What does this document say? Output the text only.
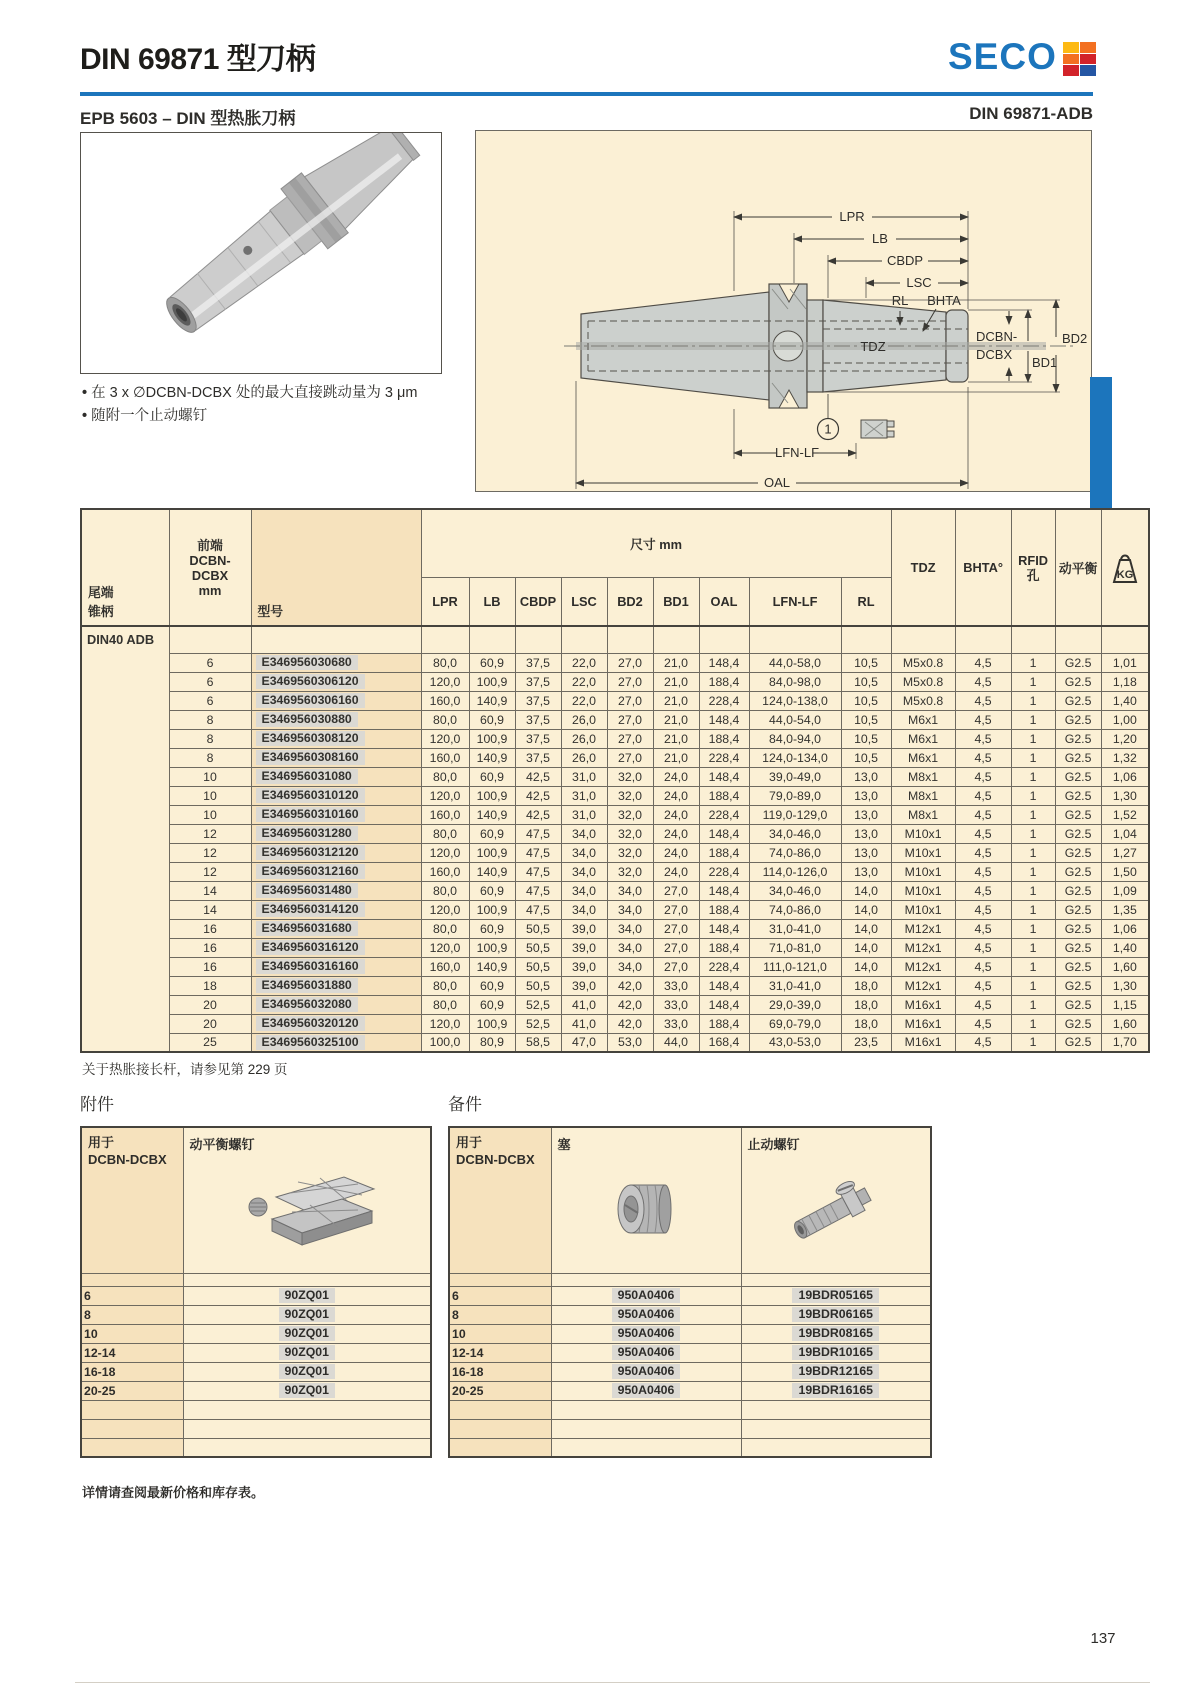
DIN 69871 型刀柄	SECO
EPB 5603 – DIN 型热胀刀柄	DIN 69871-ADB
• 在 3 x ∅DCBN-DCBX 处的最大直接跳动量为 3 μm
• 随附一个止动螺钉
LPR
LB
CBDP
LSC
RL BHTA
TDZ
DCBN-
DCBX
BD1
BD2
1
LFN-LF
OAL
尾端
锥柄

前端
DCBN-
DCBX
mm
	型号	尺寸 mm	TDZ	BHTA°	RFID
孔	动平衡	KG

			LPR	LB	CBDP	LSC	BD2	BD1	OAL	LFN-LF	RL					
DIN40 ADB																
	6	E346956030680	80,0	60,9	37,5	22,0	27,0	21,0	148,4	44,0-58,0	10,5	M5x0.8	4,5	1	G2.5	1,01
	6	E3469560306120	120,0	100,9	37,5	22,0	27,0	21,0	188,4	84,0-98,0	10,5	M5x0.8	4,5	1	G2.5	1,18
	6	E3469560306160	160,0	140,9	37,5	22,0	27,0	21,0	228,4	124,0-138,0	10,5	M5x0.8	4,5	1	G2.5	1,40
	8	E346956030880	80,0	60,9	37,5	26,0	27,0	21,0	148,4	44,0-54,0	10,5	M6x1	4,5	1	G2.5	1,00
	8	E3469560308120	120,0	100,9	37,5	26,0	27,0	21,0	188,4	84,0-94,0	10,5	M6x1	4,5	1	G2.5	1,20
	8	E3469560308160	160,0	140,9	37,5	26,0	27,0	21,0	228,4	124,0-134,0	10,5	M6x1	4,5	1	G2.5	1,32
	10	E346956031080	80,0	60,9	42,5	31,0	32,0	24,0	148,4	39,0-49,0	13,0	M8x1	4,5	1	G2.5	1,06
	10	E3469560310120	120,0	100,9	42,5	31,0	32,0	24,0	188,4	79,0-89,0	13,0	M8x1	4,5	1	G2.5	1,30
	10	E3469560310160	160,0	140,9	42,5	31,0	32,0	24,0	228,4	119,0-129,0	13,0	M8x1	4,5	1	G2.5	1,52
	12	E346956031280	80,0	60,9	47,5	34,0	32,0	24,0	148,4	34,0-46,0	13,0	M10x1	4,5	1	G2.5	1,04
	12	E3469560312120	120,0	100,9	47,5	34,0	32,0	24,0	188,4	74,0-86,0	13,0	M10x1	4,5	1	G2.5	1,27
	12	E3469560312160	160,0	140,9	47,5	34,0	32,0	24,0	228,4	114,0-126,0	13,0	M10x1	4,5	1	G2.5	1,50
	14	E346956031480	80,0	60,9	47,5	34,0	34,0	27,0	148,4	34,0-46,0	14,0	M10x1	4,5	1	G2.5	1,09
	14	E3469560314120	120,0	100,9	47,5	34,0	34,0	27,0	188,4	74,0-86,0	14,0	M10x1	4,5	1	G2.5	1,35
	16	E346956031680	80,0	60,9	50,5	39,0	34,0	27,0	148,4	31,0-41,0	14,0	M12x1	4,5	1	G2.5	1,06
	16	E3469560316120	120,0	100,9	50,5	39,0	34,0	27,0	188,4	71,0-81,0	14,0	M12x1	4,5	1	G2.5	1,40
	16	E3469560316160	160,0	140,9	50,5	39,0	34,0	27,0	228,4	111,0-121,0	14,0	M12x1	4,5	1	G2.5	1,60
	18	E346956031880	80,0	60,9	50,5	39,0	42,0	33,0	148,4	31,0-41,0	18,0	M12x1	4,5	1	G2.5	1,30
	20	E346956032080	80,0	60,9	52,5	41,0	42,0	33,0	148,4	29,0-39,0	18,0	M16x1	4,5	1	G2.5	1,15
	20	E3469560320120	120,0	100,9	52,5	41,0	42,0	33,0	188,4	69,0-79,0	18,0	M16x1	4,5	1	G2.5	1,60
	25	E3469560325100	100,0	80,9	58,5	47,0	53,0	44,0	168,4	43,0-53,0	23,5	M16x1	4,5	1	G2.5	1,70
关于热胀接长杆，请参见第 229 页
附件
用于
DCBN-DCBX	动平衡螺钉

6	90ZQ01
8	90ZQ01
10	90ZQ01
12-14	90ZQ01
16-18	90ZQ01
20-25	90ZQ01

备件
用于
DCBN-DCBX	塞	止动螺钉

6	950A0406	19BDR05165
8	950A0406	19BDR06165
10	950A0406	19BDR08165
12-14	950A0406	19BDR10165
16-18	950A0406	19BDR12165
20-25	950A0406	19BDR16165

详情请查阅最新价格和库存表。
137
